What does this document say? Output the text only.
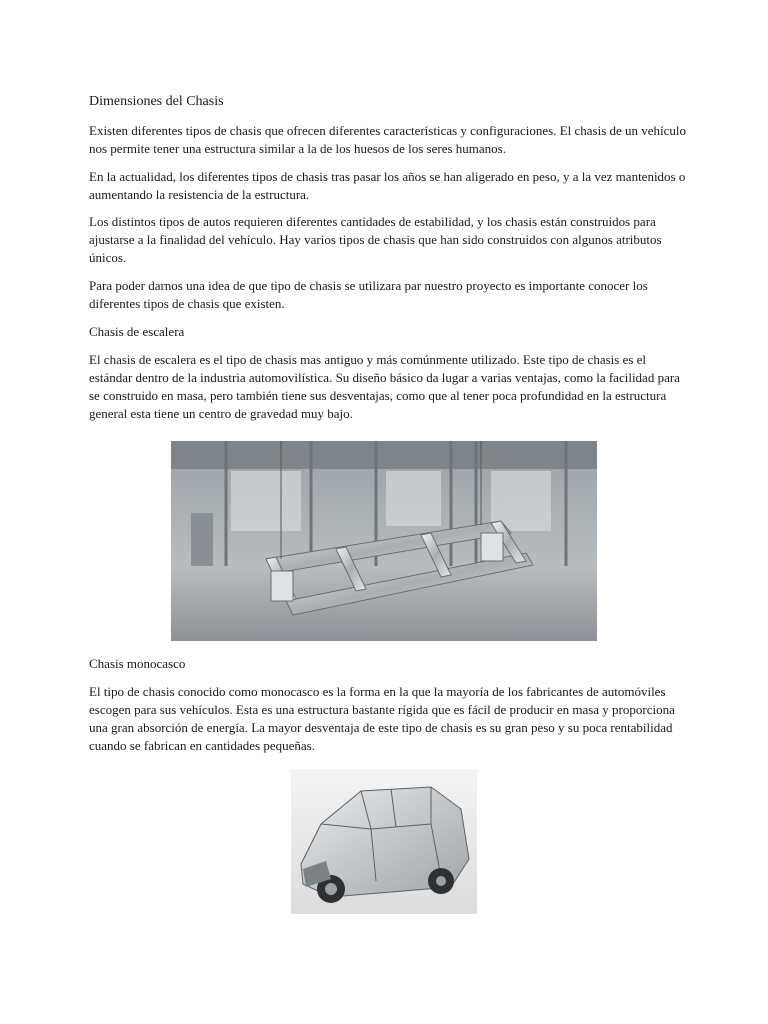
Dimensiones del Chasis

Existen diferentes tipos de chasis que ofrecen diferentes características y configuraciones. El chasis de un vehículo nos permite tener una estructura similar a la de los huesos de los seres humanos.

En la actualidad, los diferentes tipos de chasis tras pasar los años se han aligerado en peso, y a la vez mantenidos o aumentando la resistencia de la estructura.

Los distintos tipos de autos requieren diferentes cantidades de estabilidad, y los chasis están construidos para ajustarse a la finalidad del vehículo. Hay varios tipos de chasis que han sido construidos con algunos atributos únicos.

Para poder darnos una idea de que tipo de chasis se utilizara par nuestro proyecto es importante conocer los diferentes tipos de chasis que existen.

Chasis de escalera

El chasis de escalera es el tipo de chasis mas antiguo y más comúnmente utilizado. Este tipo de chasis es el estándar dentro de la industria automovilística. Su diseño básico da lugar a varias ventajas, como la facilidad para se construido en masa, pero también tiene sus desventajas, como que al tener poca profundidad en la estructura general esta tiene un centro de gravedad muy bajo.

Chasis monocasco

El tipo de chasis conocido como monocasco es la forma en la que la mayoría de los fabricantes de automóviles escogen para sus vehículos. Esta es una estructura bastante rígida que es fácil de producir en masa y proporciona una gran absorción de energía. La mayor desventaja de este tipo de chasis es su gran peso y su poca rentabilidad cuando se fabrican en cantidades pequeñas.
